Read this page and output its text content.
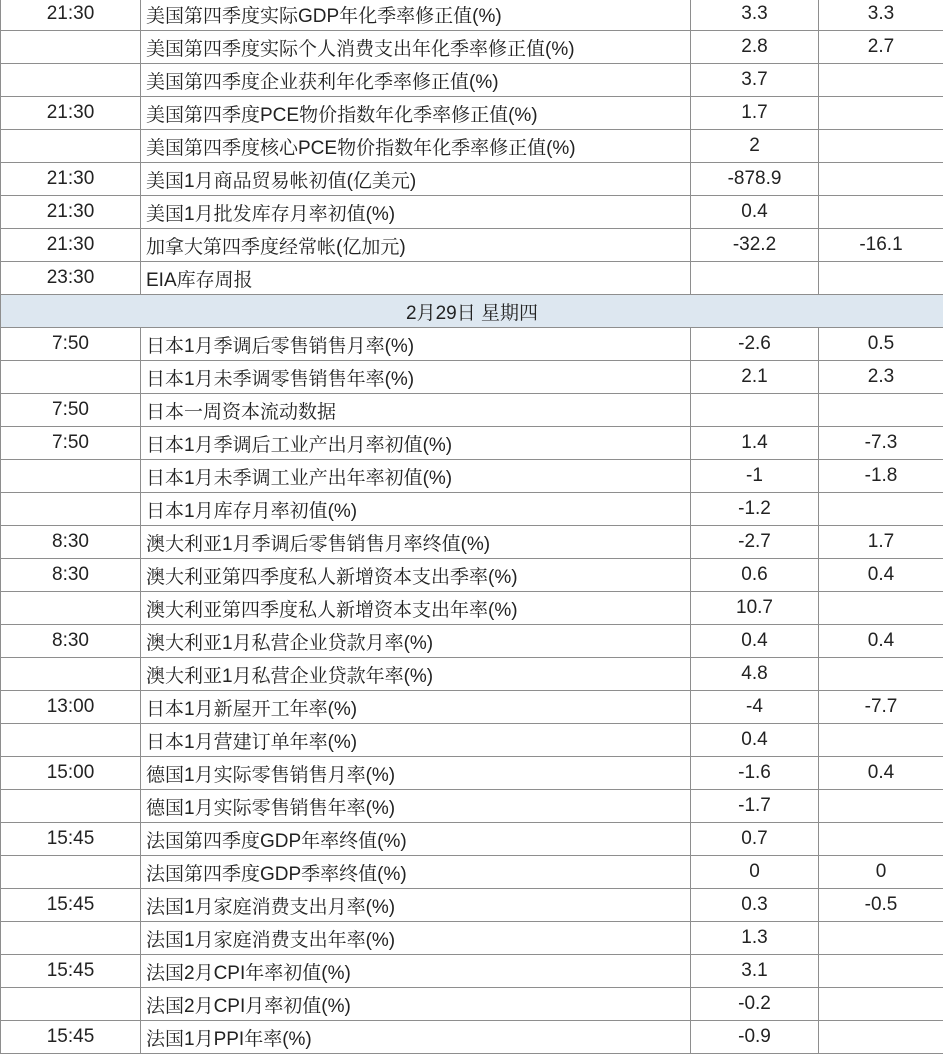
21:30	美国第四季度实际GDP年化季率修正值(%)	3.3	3.3
	美国第四季度实际个人消费支出年化季率修正值(%)	2.8	2.7
	美国第四季度企业获利年化季率修正值(%)	3.7	
21:30	美国第四季度PCE物价指数年化季率修正值(%)	1.7	
	美国第四季度核心PCE物价指数年化季率修正值(%)	2	
21:30	美国1月商品贸易帐初值(亿美元)	-878.9	
21:30	美国1月批发库存月率初值(%)	0.4	
21:30	加拿大第四季度经常帐(亿加元)	-32.2	-16.1
23:30	EIA库存周报		
2月29日 星期四			
7:50	日本1月季调后零售销售月率(%)	-2.6	0.5
	日本1月未季调零售销售年率(%)	2.1	2.3
7:50	日本一周资本流动数据		
7:50	日本1月季调后工业产出月率初值(%)	1.4	-7.3
	日本1月未季调工业产出年率初值(%)	-1	-1.8
	日本1月库存月率初值(%)	-1.2	
8:30	澳大利亚1月季调后零售销售月率终值(%)	-2.7	1.7
8:30	澳大利亚第四季度私人新增资本支出季率(%)	0.6	0.4
	澳大利亚第四季度私人新增资本支出年率(%)	10.7	
8:30	澳大利亚1月私营企业贷款月率(%)	0.4	0.4
	澳大利亚1月私营企业贷款年率(%)	4.8	
13:00	日本1月新屋开工年率(%)	-4	-7.7
	日本1月营建订单年率(%)	0.4	
15:00	德国1月实际零售销售月率(%)	-1.6	0.4
	德国1月实际零售销售年率(%)	-1.7	
15:45	法国第四季度GDP年率终值(%)	0.7	
	法国第四季度GDP季率终值(%)	0	0
15:45	法国1月家庭消费支出月率(%)	0.3	-0.5
	法国1月家庭消费支出年率(%)	1.3	
15:45	法国2月CPI年率初值(%)	3.1	
	法国2月CPI月率初值(%)	-0.2	
15:45	法国1月PPI年率(%)	-0.9	
